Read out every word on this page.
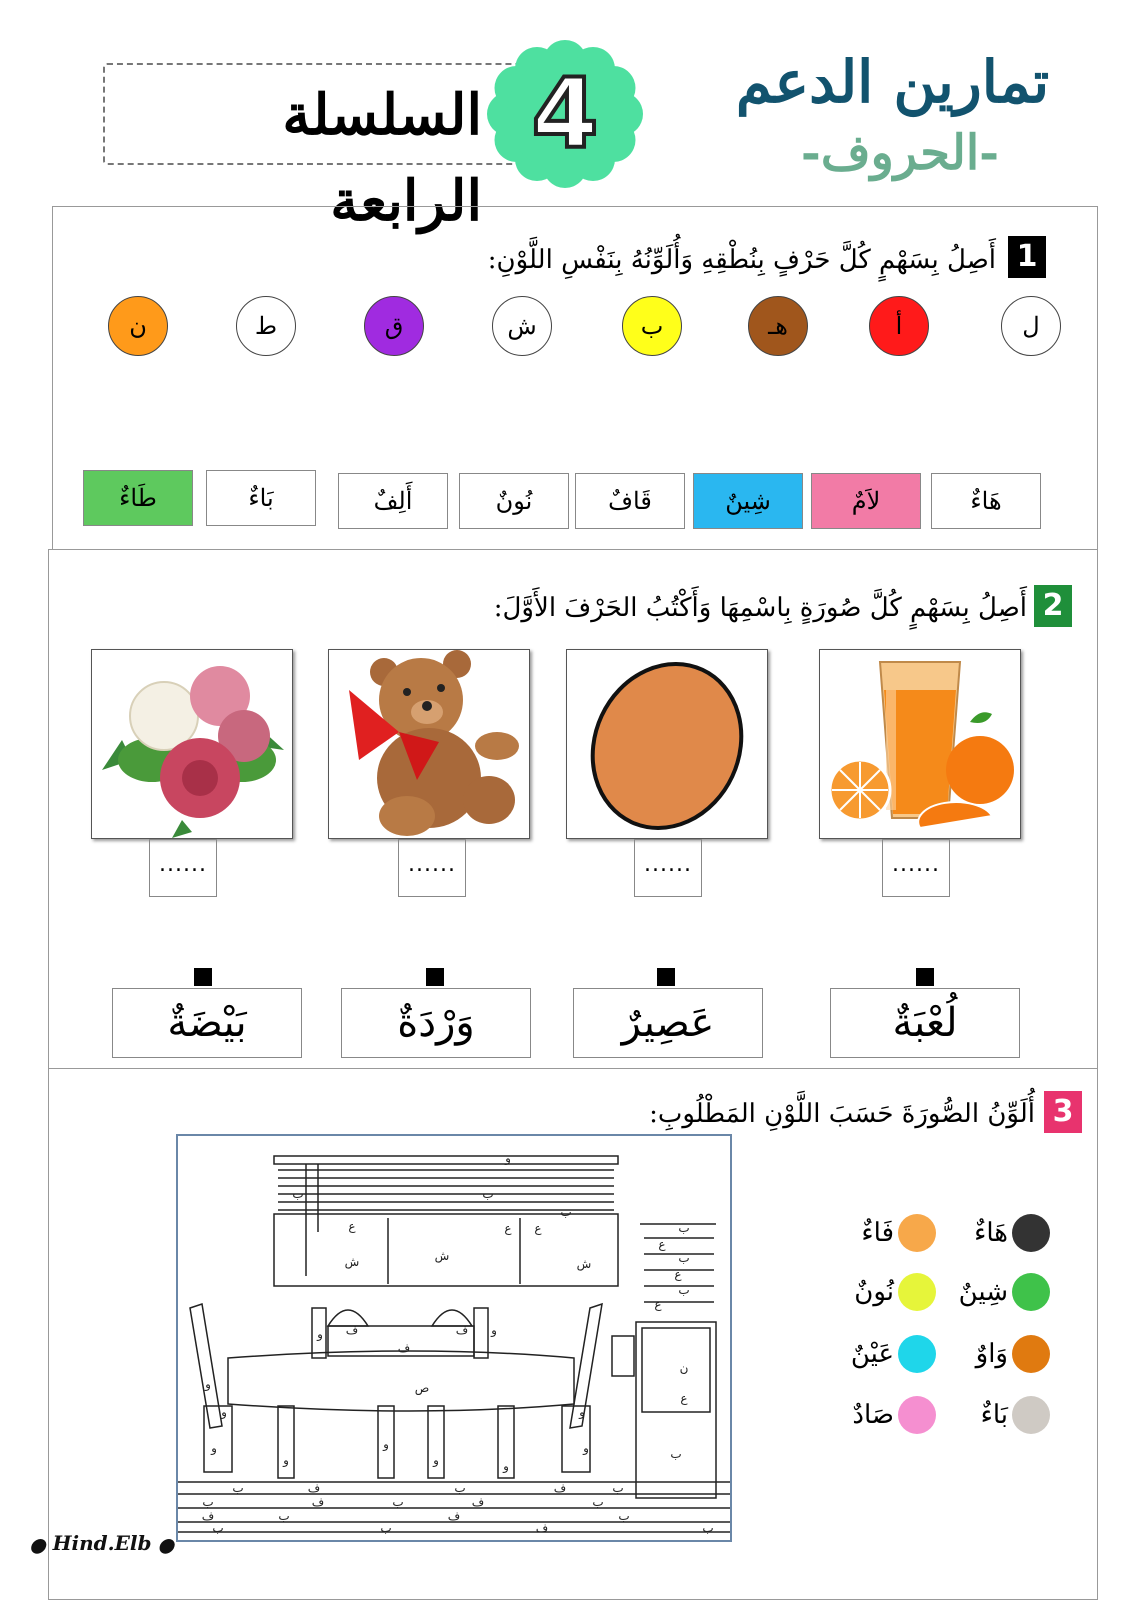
السلسلة الرابعة
4	تمارين الدعم
-الحروف-
1
أَصِلُ بِسَهْمٍ كُلَّ حَرْفٍ بِنُطْقِهِ وَأُلَوِّنُهُ بِنَفْسِ اللَّوْنِ:
ل
أ
هـ
ب
ش
ق
ط
ن
هَاءٌ
لاَمٌ
شِينٌ
قَافٌ
نُونٌ
أَلِفٌ
بَاءٌ
طَاءٌ
2
أَصِلُ بِسَهْمٍ كُلَّ صُورَةٍ بِاسْمِهَا وَأَكْتُبُ الحَرْفَ الأَوَّلَ:
......
......
......
......
لُعْبَةٌ
عَصِيرٌ
وَرْدَةٌ
بَيْضَةٌ
3
أُلَوِّنُ الصُّورَةَ حَسَبَ اللَّوْنِ المَطْلُوبِ:
و
ب
ب
ب
ش	ش
ش
ع ع
ع	ب
ع
ب
ع
ب
ع
ف	ف
ف
ص
ن
ع
ب
و
و
و
و
و
و	و
و
و
و	و
ب	ف	ب	ف	ب
ب	ف	ب	ف	ب
ف	ب	ف	ب
ب	ب	ف	ب
هَاءٌ
فَاءٌ
شِينٌ
نُونٌ
وَاوٌ
عَيْنٌ
بَاءٌ
صَادٌ
⬤ Hind.Elb ⬤
